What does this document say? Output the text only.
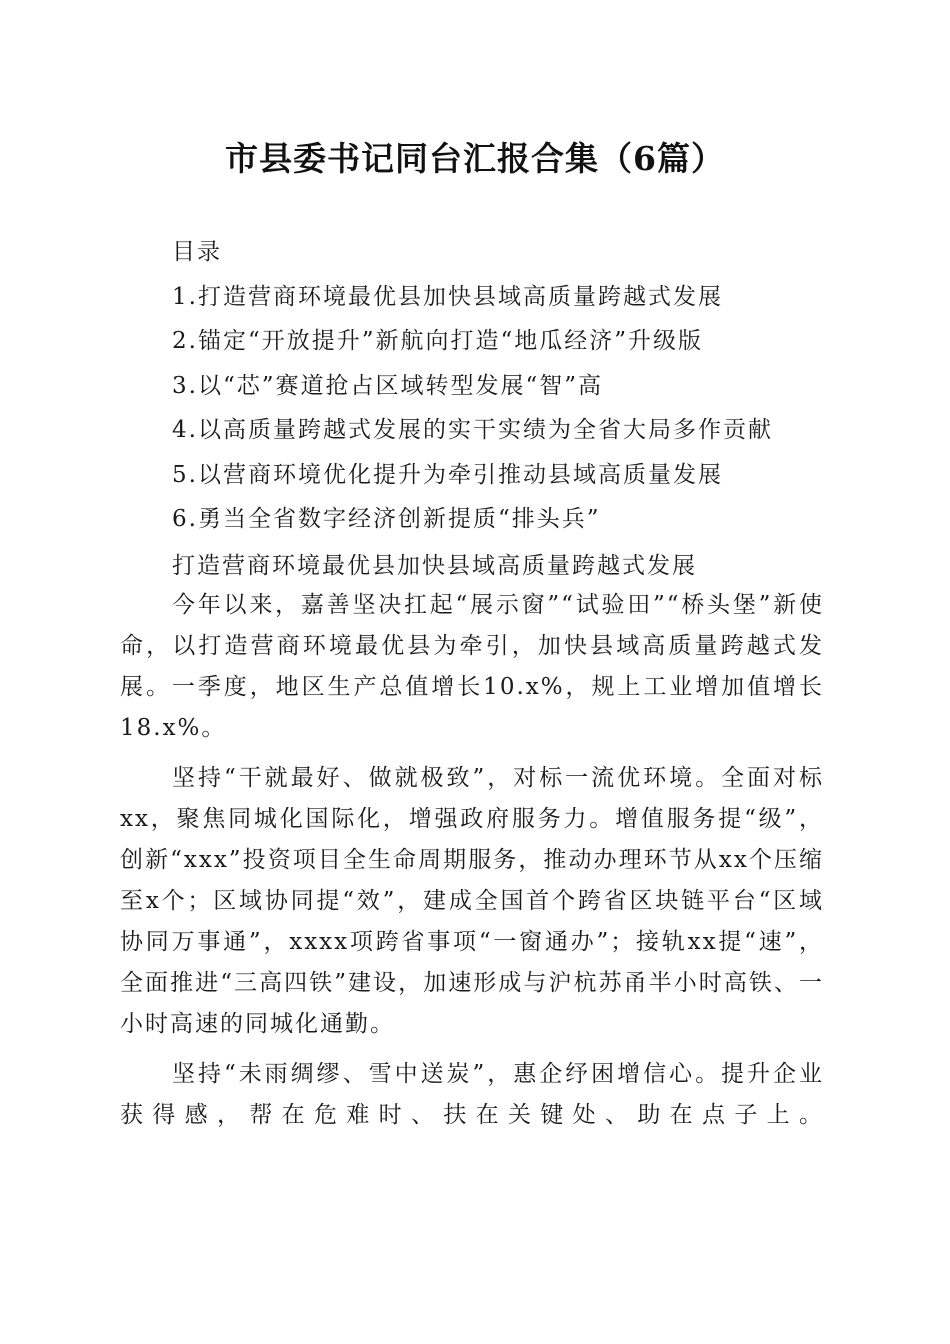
市县委书记同台汇报合集（6篇）
目录
1.打造营商环境最优县加快县域高质量跨越式发展
2.锚定“开放提升”新航向打造“地瓜经济”升级版
3.以“芯”赛道抢占区域转型发展“智”高
4.以高质量跨越式发展的实干实绩为全省大局多作贡献
5.以营商环境优化提升为牵引推动县域高质量发展
6.勇当全省数字经济创新提质“排头兵”
打造营商环境最优县加快县域高质量跨越式发展

今年以来，嘉善坚决扛起“展示窗”“试验田”“桥头堡”新使命，以打造营商环境最优县为牵引，加快县域高质量跨越式发展。一季度，地区生产总值增长10.x%，规上工业增加值增长18.x%。

坚持“干就最好、做就极致”，对标一流优环境。全面对标xx，聚焦同城化国际化，增强政府服务力。增值服务提“级”，创新“xxx”投资项目全生命周期服务，推动办理环节从xx个压缩至x个；区域协同提“效”，建成全国首个跨省区块链平台“区域协同万事通”，xxxx项跨省事项“一窗通办”；接轨xx提“速”，全面推进“三高四铁”建设，加速形成与沪杭苏甬半小时高铁、一小时高速的同城化通勤。

坚持“未雨绸缪、雪中送炭”，惠企纾困增信心。提升企业获得感，帮在危难时、扶在关键处、助在点子上。
